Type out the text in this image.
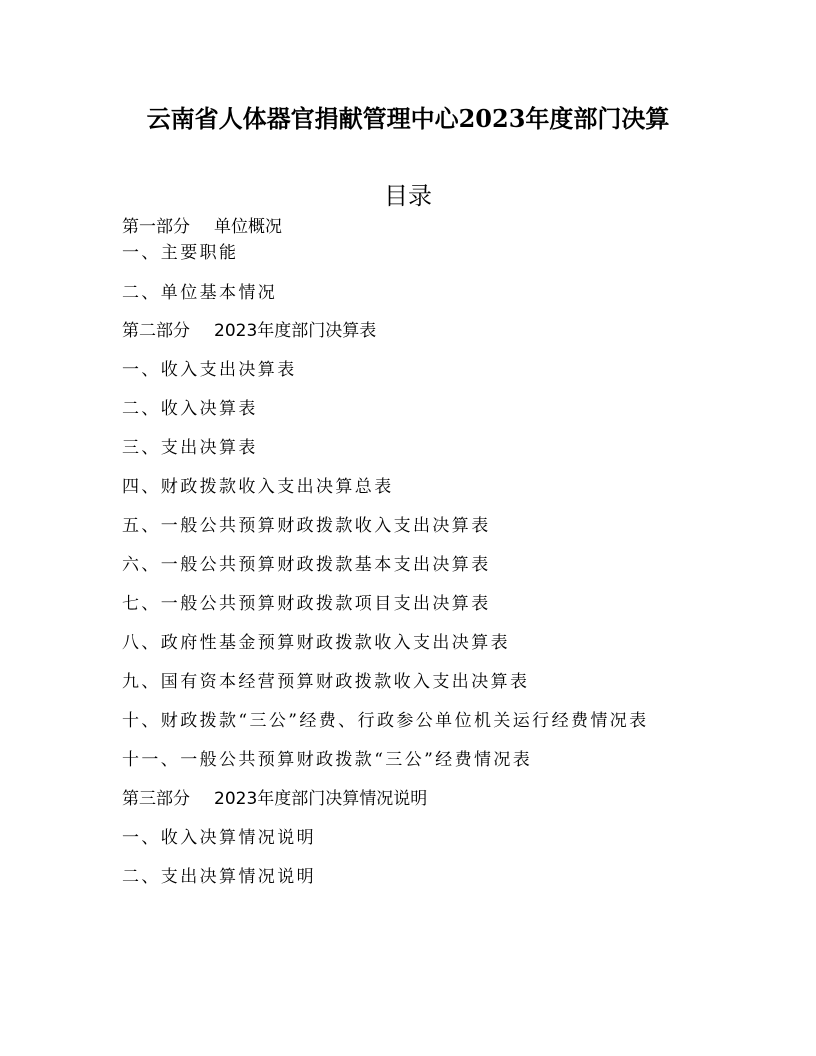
云南省人体器官捐献管理中心2023年度部门决算
目录
第一部分 单位概况
一、主要职能
二、单位基本情况
第二部分 2023年度部门决算表
一、收入支出决算表
二、收入决算表
三、支出决算表
四、财政拨款收入支出决算总表
五、一般公共预算财政拨款收入支出决算表
六、一般公共预算财政拨款基本支出决算表
七、一般公共预算财政拨款项目支出决算表
八、政府性基金预算财政拨款收入支出决算表
九、国有资本经营预算财政拨款收入支出决算表
十、财政拨款“三公”经费、行政参公单位机关运行经费情况表
十一、一般公共预算财政拨款“三公”经费情况表
第三部分 2023年度部门决算情况说明
一、收入决算情况说明
二、支出决算情况说明
